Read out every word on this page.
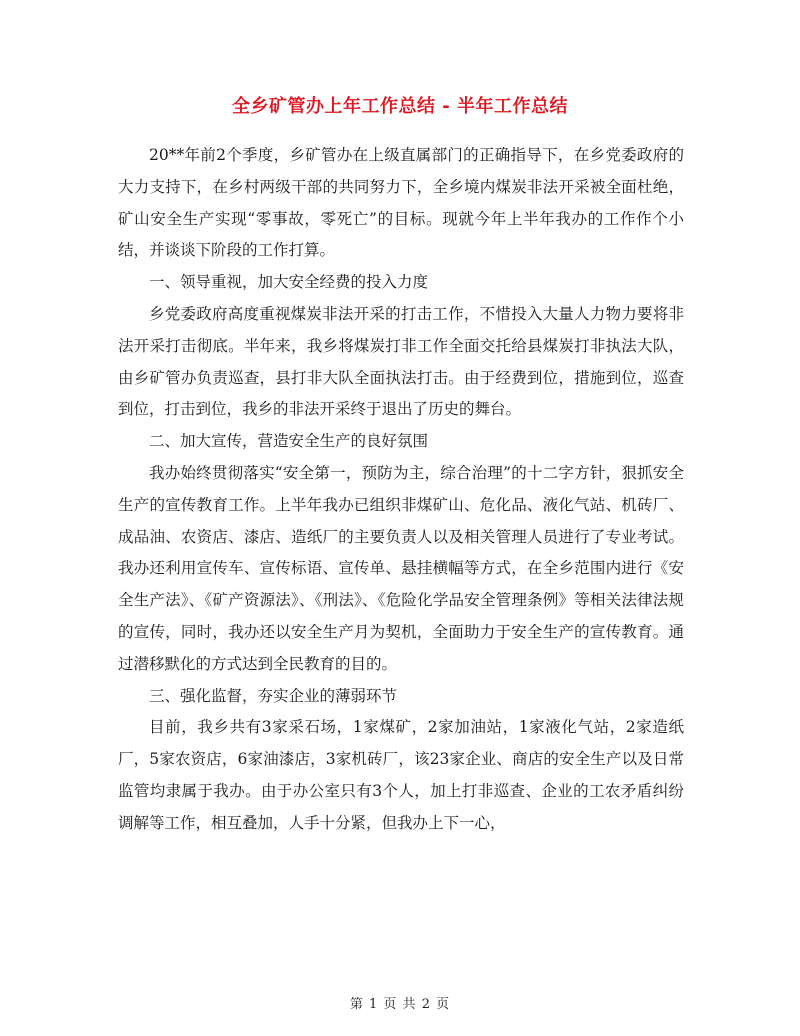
全乡矿管办上年工作总结 - 半年工作总结

20**年前2个季度，乡矿管办在上级直属部门的正确指导下，在乡党委政府的大力支持下，在乡村两级干部的共同努力下，全乡境内煤炭非法开采被全面杜绝，矿山安全生产实现“零事故，零死亡”的目标。现就今年上半年我办的工作作个小结，并谈谈下阶段的工作打算。

一、领导重视，加大安全经费的投入力度

乡党委政府高度重视煤炭非法开采的打击工作，不惜投入大量人力物力要将非法开采打击彻底。半年来，我乡将煤炭打非工作全面交托给县煤炭打非执法大队，由乡矿管办负责巡查，县打非大队全面执法打击。由于经费到位，措施到位，巡查到位，打击到位，我乡的非法开采终于退出了历史的舞台。

二、加大宣传，营造安全生产的良好氛围

我办始终贯彻落实“安全第一，预防为主，综合治理”的十二字方针，狠抓安全生产的宣传教育工作。上半年我办已组织非煤矿山、危化品、液化气站、机砖厂、成品油、农资店、漆店、造纸厂的主要负责人以及相关管理人员进行了专业考试。我办还利用宣传车、宣传标语、宣传单、悬挂横幅等方式，在全乡范围内进行《安全生产法》、《矿产资源法》、《刑法》、《危险化学品安全管理条例》等相关法律法规的宣传，同时，我办还以安全生产月为契机，全面助力于安全生产的宣传教育。通过潜移默化的方式达到全民教育的目的。

三、强化监督，夯实企业的薄弱环节

目前，我乡共有3家采石场，1家煤矿，2家加油站，1家液化气站，2家造纸厂，5家农资店，6家油漆店，3家机砖厂，该23家企业、商店的安全生产以及日常监管均隶属于我办。由于办公室只有3个人，加上打非巡查、企业的工农矛盾纠纷调解等工作，相互叠加，人手十分紧，但我办上下一心，

第 1 页 共 2 页
